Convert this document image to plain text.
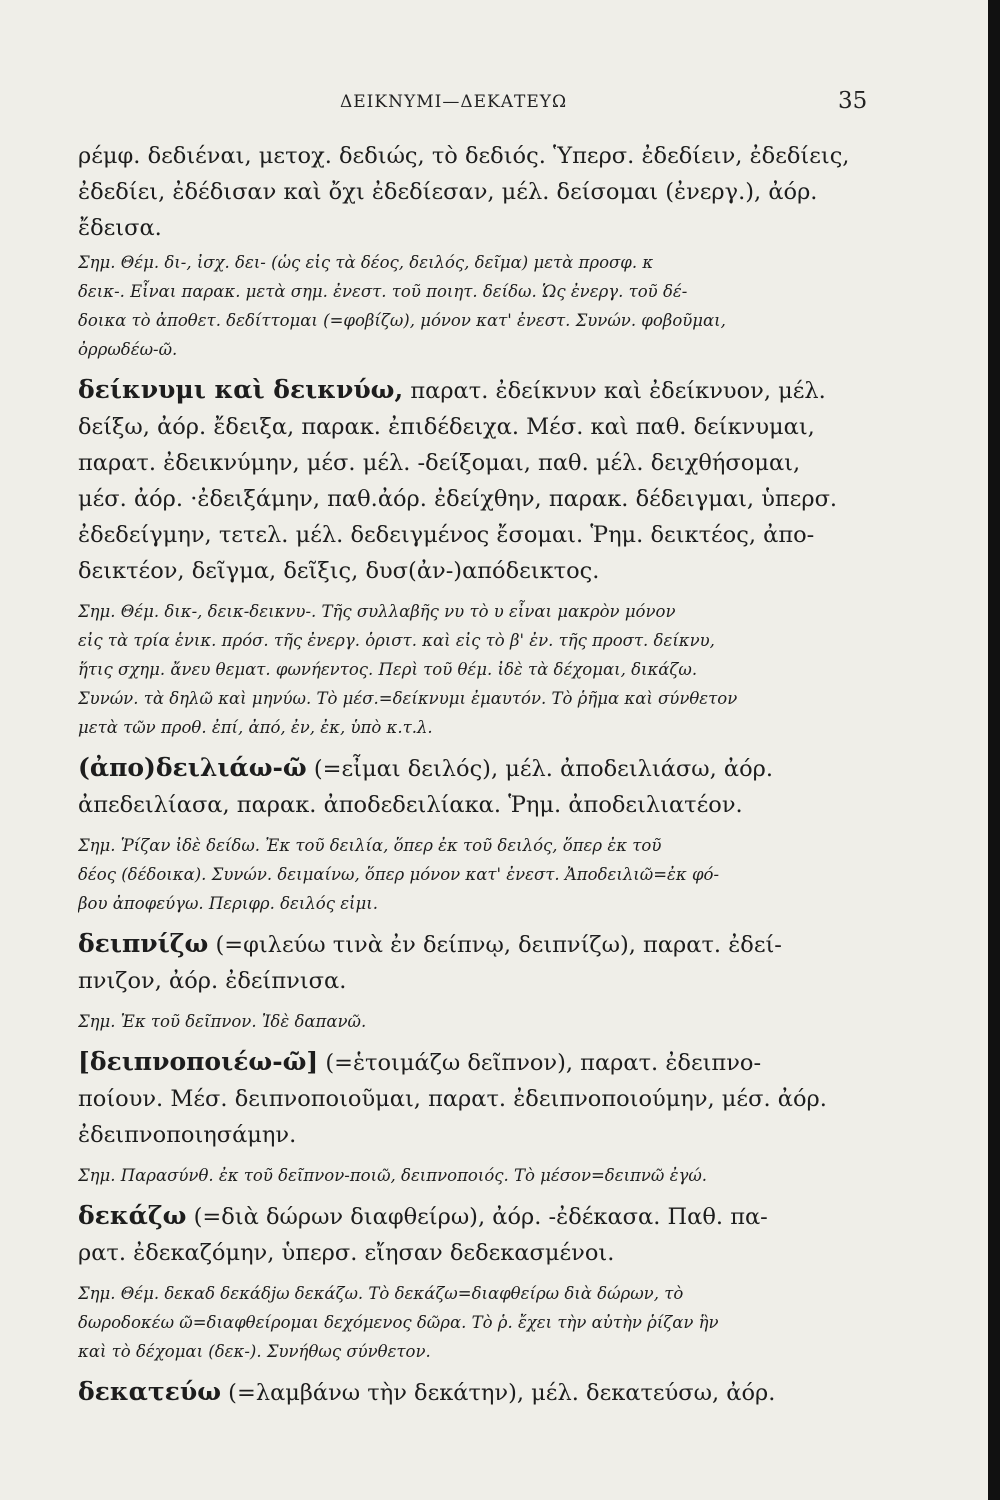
ΔΕΙΚΝΥΜΙ—ΔΕΚΑΤΕΥΩ	35
ρέμφ. δεδιέναι, μετοχ. δεδιώς, τὸ δεδιός. Ὑπερσ. ἐδεδίειν, ἐδεδίεις,
ἐδεδίει, ἐδέδισαν καὶ ὄχι ἐδεδίεσαν, μέλ. δείσομαι (ἐνεργ.), ἀόρ.
ἔδεισα.
Σημ. Θέμ. δι-, ἰσχ. δει- (ὡς εἰς τὰ δέος, δειλός, δεῖμα) μετὰ προσφ. κ
δεικ-. Εἶναι παρακ. μετὰ σημ. ἐνεστ. τοῦ ποιητ. δείδω. Ὡς ἐνεργ. τοῦ δέ-
δοικα τὸ ἀποθετ. δεδίττομαι (=φοβίζω), μόνον κατ' ἐνεστ. Συνών. φοβοῦμαι,
ὀρρωδέω-ῶ.
δείκνυμι καὶ δεικνύω, παρατ. ἐδείκνυν καὶ ἐδείκνυον, μέλ.
δείξω, ἀόρ. ἔδειξα, παρακ. ἐπιδέδειχα. Μέσ. καὶ παθ. δείκνυμαι,
παρατ. ἐδεικνύμην, μέσ. μέλ. -δείξομαι, παθ. μέλ. δειχθήσομαι,
μέσ. ἀόρ. ·ἐδειξάμην, παθ.ἀόρ. ἐδείχθην, παρακ. δέδειγμαι, ὑπερσ.
ἐδεδείγμην, τετελ. μέλ. δεδειγμένος ἔσομαι. Ῥημ. δεικτέος, ἀπο-
δεικτέον, δεῖγμα, δεῖξις, δυσ(ἀν-)απόδεικτος.
Σημ. Θέμ. δικ-, δεικ-δεικνυ-. Τῆς συλλαβῆς νυ τὸ υ εἶναι μακρὸν μόνον
εἰς τὰ τρία ἑνικ. πρόσ. τῆς ἐνεργ. ὁριστ. καὶ εἰς τὸ β' ἐν. τῆς προστ. δείκνυ,
ἥτις σχημ. ἄνευ θεματ. φωνήεντος. Περὶ τοῦ θέμ. ἰδὲ τὰ δέχομαι, δικάζω.
Συνών. τὰ δηλῶ καὶ μηνύω. Τὸ μέσ.=δείκνυμι ἐμαυτόν. Τὸ ῥῆμα καὶ σύνθετον
μετὰ τῶν προθ. ἐπί, ἀπό, ἐν, ἐκ, ὑπὸ κ.τ.λ.
(ἀπο)δειλιάω-ῶ (=εἶμαι δειλός), μέλ. ἀποδειλιάσω, ἀόρ.
ἀπεδειλίασα, παρακ. ἀποδεδειλίακα. Ῥημ. ἀποδειλιατέον.
Σημ. Ῥίζαν ἰδὲ δείδω. Ἐκ τοῦ δειλία, ὅπερ ἐκ τοῦ δειλός, ὅπερ ἐκ τοῦ
δέος (δέδοικα). Συνών. δειμαίνω, ὅπερ μόνον κατ' ἐνεστ. Ἀποδειλιῶ=ἐκ φό-
βου ἀποφεύγω. Περιφρ. δειλός εἰμι.
δειπνίζω (=φιλεύω τινὰ ἐν δείπνῳ, δειπνίζω), παρατ. ἐδεί-
πνιζον, ἀόρ. ἐδείπνισα.
Σημ. Ἐκ τοῦ δεῖπνον. Ἰδὲ δαπανῶ.
[δειπνοποιέω-ῶ] (=ἑτοιμάζω δεῖπνον), παρατ. ἐδειπνο-
ποίουν. Μέσ. δειπνοποιοῦμαι, παρατ. ἐδειπνοποιούμην, μέσ. ἀόρ.
ἐδειπνοποιησάμην.
Σημ. Παρασύνθ. ἐκ τοῦ δεῖπνον-ποιῶ, δειπνοποιός. Τὸ μέσον=δειπνῶ ἐγώ.
δεκάζω (=διὰ δώρων διαφθείρω), ἀόρ. -ἐδέκασα. Παθ. πα-
ρατ. ἐδεκαζόμην, ὑπερσ. εἴησαν δεδεκασμένοι.
Σημ. Θέμ. δεκαδ δεκάδjω δεκάζω. Τὸ δεκάζω=διαφθείρω διὰ δώρων, τὸ
δωροδοκέω ῶ=διαφθείρομαι δεχόμενος δῶρα. Τὸ ῥ. ἔχει τὴν αὐτὴν ῥίζαν ἣν
καὶ τὸ δέχομαι (δεκ-). Συνήθως σύνθετον.
δεκατεύω (=λαμβάνω τὴν δεκάτην), μέλ. δεκατεύσω, ἀόρ.
